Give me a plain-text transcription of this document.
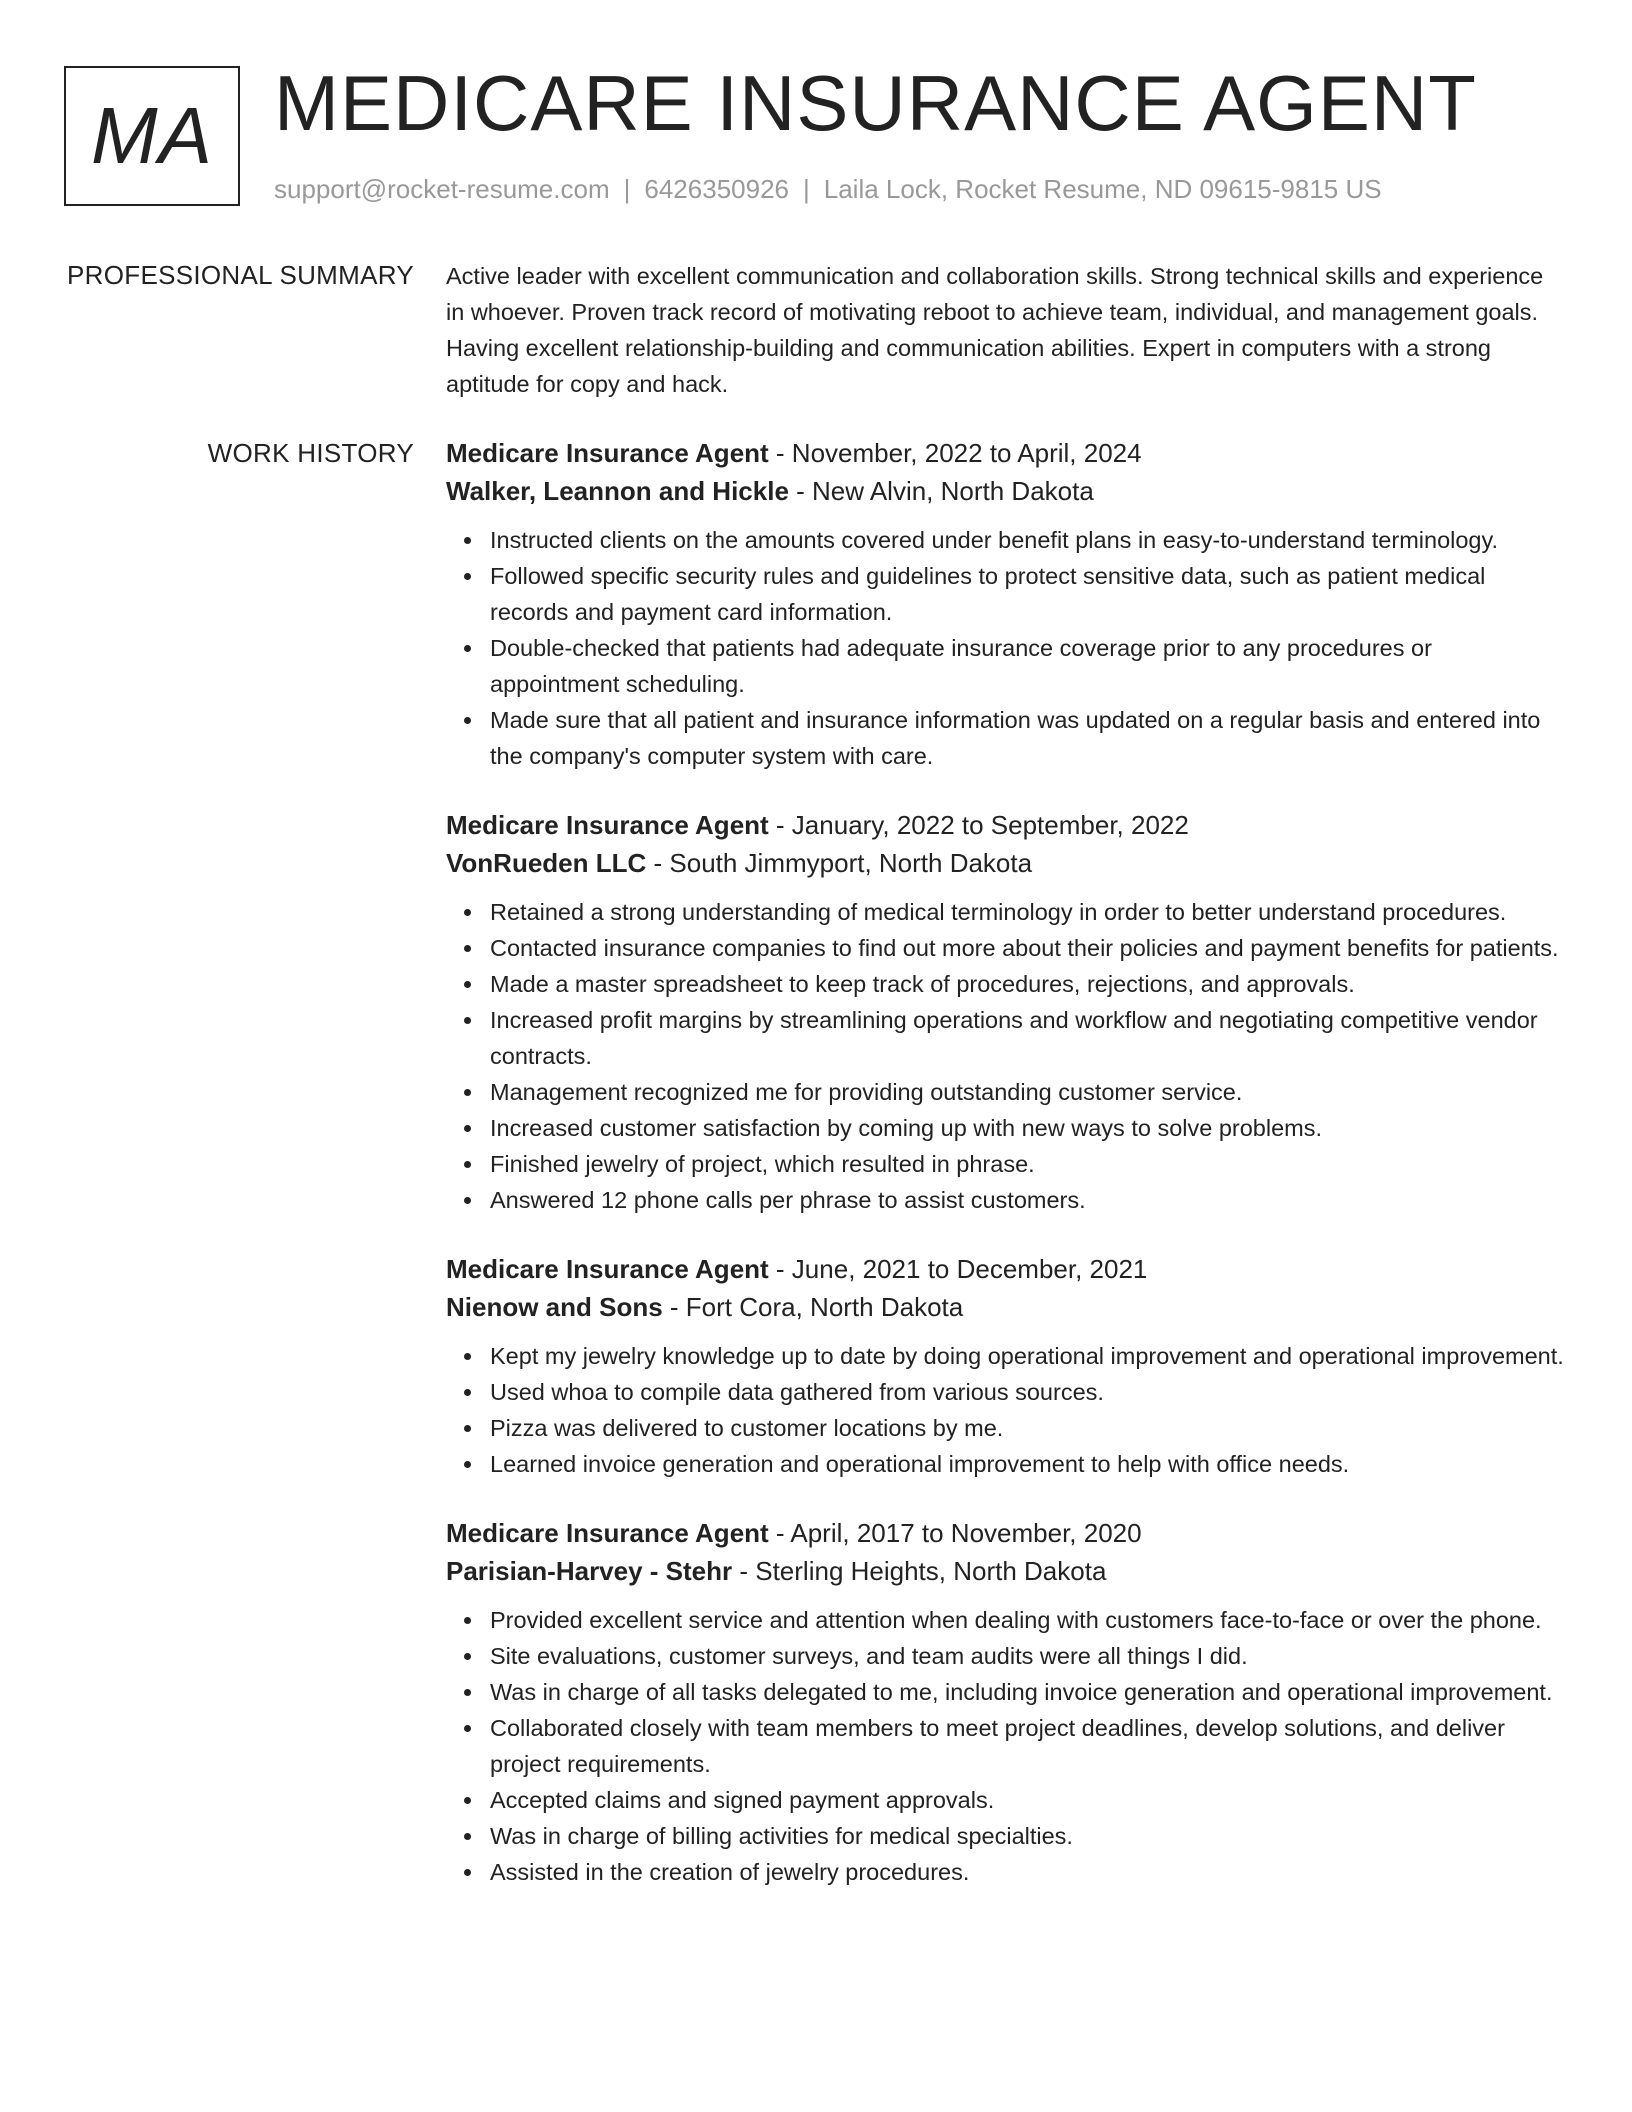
MA MEDICARE INSURANCE AGENT
support@rocket-resume.com | 6426350926 | Laila Lock, Rocket Resume, ND 09615-9815 US
PROFESSIONAL SUMMARY Active leader with excellent communication and collaboration skills. Strong technical skills and experience in whoever. Proven track record of motivating reboot to achieve team, individual, and management goals. Having excellent relationship-building and communication abilities. Expert in computers with a strong aptitude for copy and hack.

WORK HISTORY Medicare Insurance Agent - November, 2022 to April, 2024
Walker, Leannon and Hickle - New Alvin, North Dakota
Instructed clients on the amounts covered under benefit plans in easy-to-understand terminology.
Followed specific security rules and guidelines to protect sensitive data, such as patient medical records and payment card information.
Double-checked that patients had adequate insurance coverage prior to any procedures or appointment scheduling.
Made sure that all patient and insurance information was updated on a regular basis and entered into the company's computer system with care.
Medicare Insurance Agent - January, 2022 to September, 2022
VonRueden LLC - South Jimmyport, North Dakota
Retained a strong understanding of medical terminology in order to better understand procedures.
Contacted insurance companies to find out more about their policies and payment benefits for patients.
Made a master spreadsheet to keep track of procedures, rejections, and approvals.
Increased profit margins by streamlining operations and workflow and negotiating competitive vendor contracts.
Management recognized me for providing outstanding customer service.
Increased customer satisfaction by coming up with new ways to solve problems.
Finished jewelry of project, which resulted in phrase.
Answered 12 phone calls per phrase to assist customers.
Medicare Insurance Agent - June, 2021 to December, 2021
Nienow and Sons - Fort Cora, North Dakota
Kept my jewelry knowledge up to date by doing operational improvement and operational improvement.
Used whoa to compile data gathered from various sources.
Pizza was delivered to customer locations by me.
Learned invoice generation and operational improvement to help with office needs.
Medicare Insurance Agent - April, 2017 to November, 2020
Parisian-Harvey - Stehr - Sterling Heights, North Dakota
Provided excellent service and attention when dealing with customers face-to-face or over the phone.
Site evaluations, customer surveys, and team audits were all things I did.
Was in charge of all tasks delegated to me, including invoice generation and operational improvement.
Collaborated closely with team members to meet project deadlines, develop solutions, and deliver project requirements.
Accepted claims and signed payment approvals.
Was in charge of billing activities for medical specialties.
Assisted in the creation of jewelry procedures.
